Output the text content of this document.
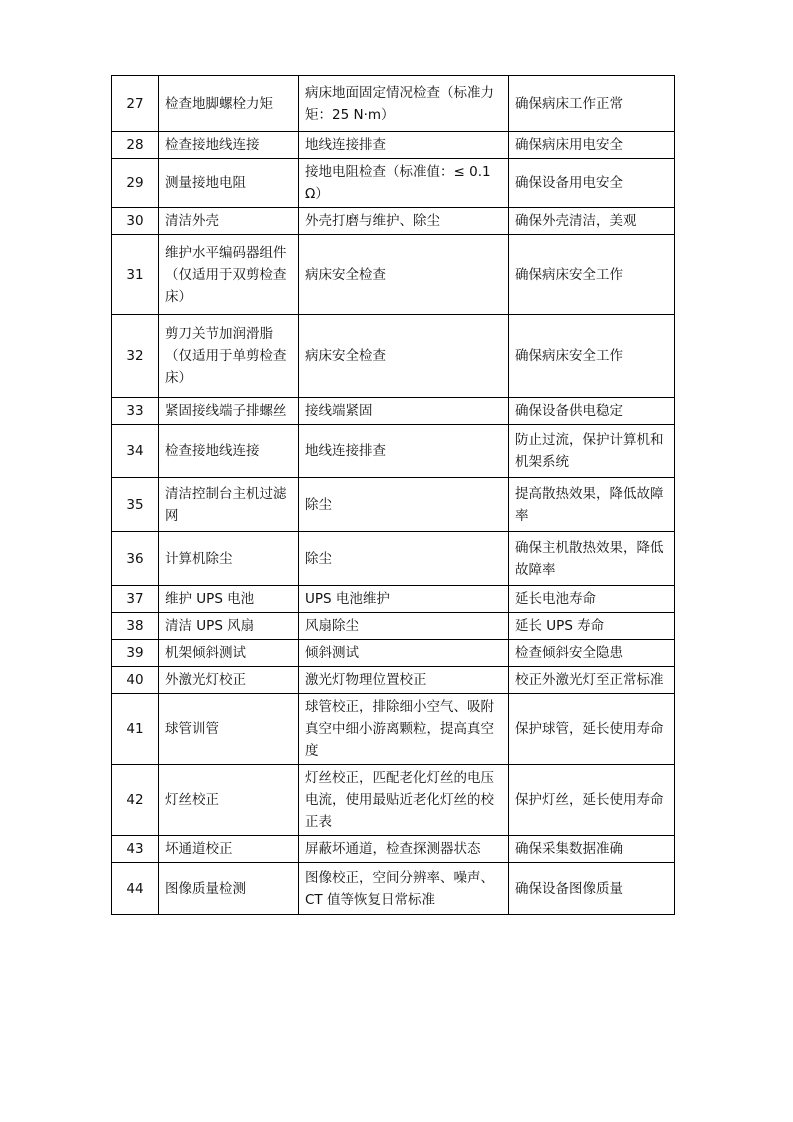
27	检查地脚螺栓力矩	病床地面固定情况检查（标准力矩：25 N·m）	确保病床工作正常
28	检查接地线连接	地线连接排查	确保病床用电安全
29	测量接地电阻	接地电阻检查（标准值：≤ 0.1Ω）	确保设备用电安全
30	清洁外壳	外壳打磨与维护、除尘	确保外壳清洁，美观
31	维护水平编码器组件（仅适用于双剪检查床）	病床安全检查	确保病床安全工作
32	剪刀关节加润滑脂（仅适用于单剪检查床）	病床安全检查	确保病床安全工作
33	紧固接线端子排螺丝	接线端紧固	确保设备供电稳定
34	检查接地线连接	地线连接排查	防止过流，保护计算机和机架系统
35	清洁控制台主机过滤网	除尘	提高散热效果，降低故障率
36	计算机除尘	除尘	确保主机散热效果，降低故障率
37	维护 UPS 电池	UPS 电池维护	延长电池寿命
38	清洁 UPS 风扇	风扇除尘	延长 UPS 寿命
39	机架倾斜测试	倾斜测试	检查倾斜安全隐患
40	外激光灯校正	激光灯物理位置校正	校正外激光灯至正常标准
41	球管训管	球管校正，排除细小空气、吸附真空中细小游离颗粒，提高真空度	保护球管，延长使用寿命
42	灯丝校正	灯丝校正，匹配老化灯丝的电压电流，使用最贴近老化灯丝的校正表	保护灯丝，延长使用寿命
43	坏通道校正	屏蔽坏通道，检查探测器状态	确保采集数据准确
44	图像质量检测	图像校正，空间分辨率、噪声、CT 值等恢复日常标准	确保设备图像质量
